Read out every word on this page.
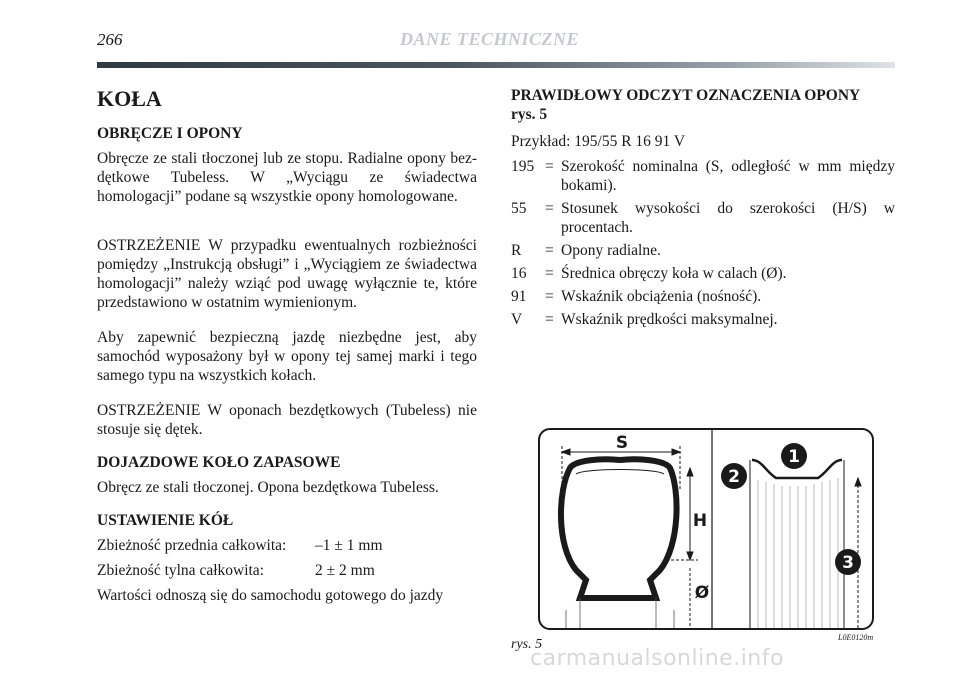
266	DANE TECHNICZNE
KOŁA
OBRĘCZE I OPONY

Obręcze ze stali tłoczonej lub ze stopu. Radialne opony bez-dętkowe Tubeless. W „Wyciągu ze świadectwa homologacji” podane są wszystkie opony homologowane.

OSTRZEŻENIE W przypadku ewentualnych rozbieżności pomiędzy „Instrukcją obsługi” i „Wyciągiem ze świadectwa homologacji” należy wziąć pod uwagę wyłącznie te, które przedstawiono w ostatnim wymienionym.

Aby zapewnić bezpieczną jazdę niezbędne jest, aby samochód wyposażony był w opony tej samej marki i tego samego typu na wszystkich kołach.

OSTRZEŻENIE W oponach bezdętkowych (Tubeless) nie stosuje się dętek.

DOJAZDOWE KOŁO ZAPASOWE

Obręcz ze stali tłoczonej. Opona bezdętkowa Tubeless.

USTAWIENIE KÓŁ
Zbieżność przednia całkowita:	–1 ± 1 mm
Zbieżność tylna całkowita:	2 ± 2 mm
Wartości odnoszą się do samochodu gotowego do jazdy
PRAWIDŁOWY ODCZYT OZNACZENIA OPONY
rys. 5
Przykład: 195/55 R 16 91 V
195 = Szerokość nominalna (S, odległość w mm między bokami).
55	= Stosunek wysokości do szerokości (H/S) w procentach.
R	= Opony radialne.
16	= Średnica obręczy koła w calach (Ø).
91	= Wskaźnik obciążenia (nośność).
V	= Wskaźnik prędkości maksymalnej.
S
H
Ø
1
2
3
rys. 5	L0E0120m
carmanualsonline.info
